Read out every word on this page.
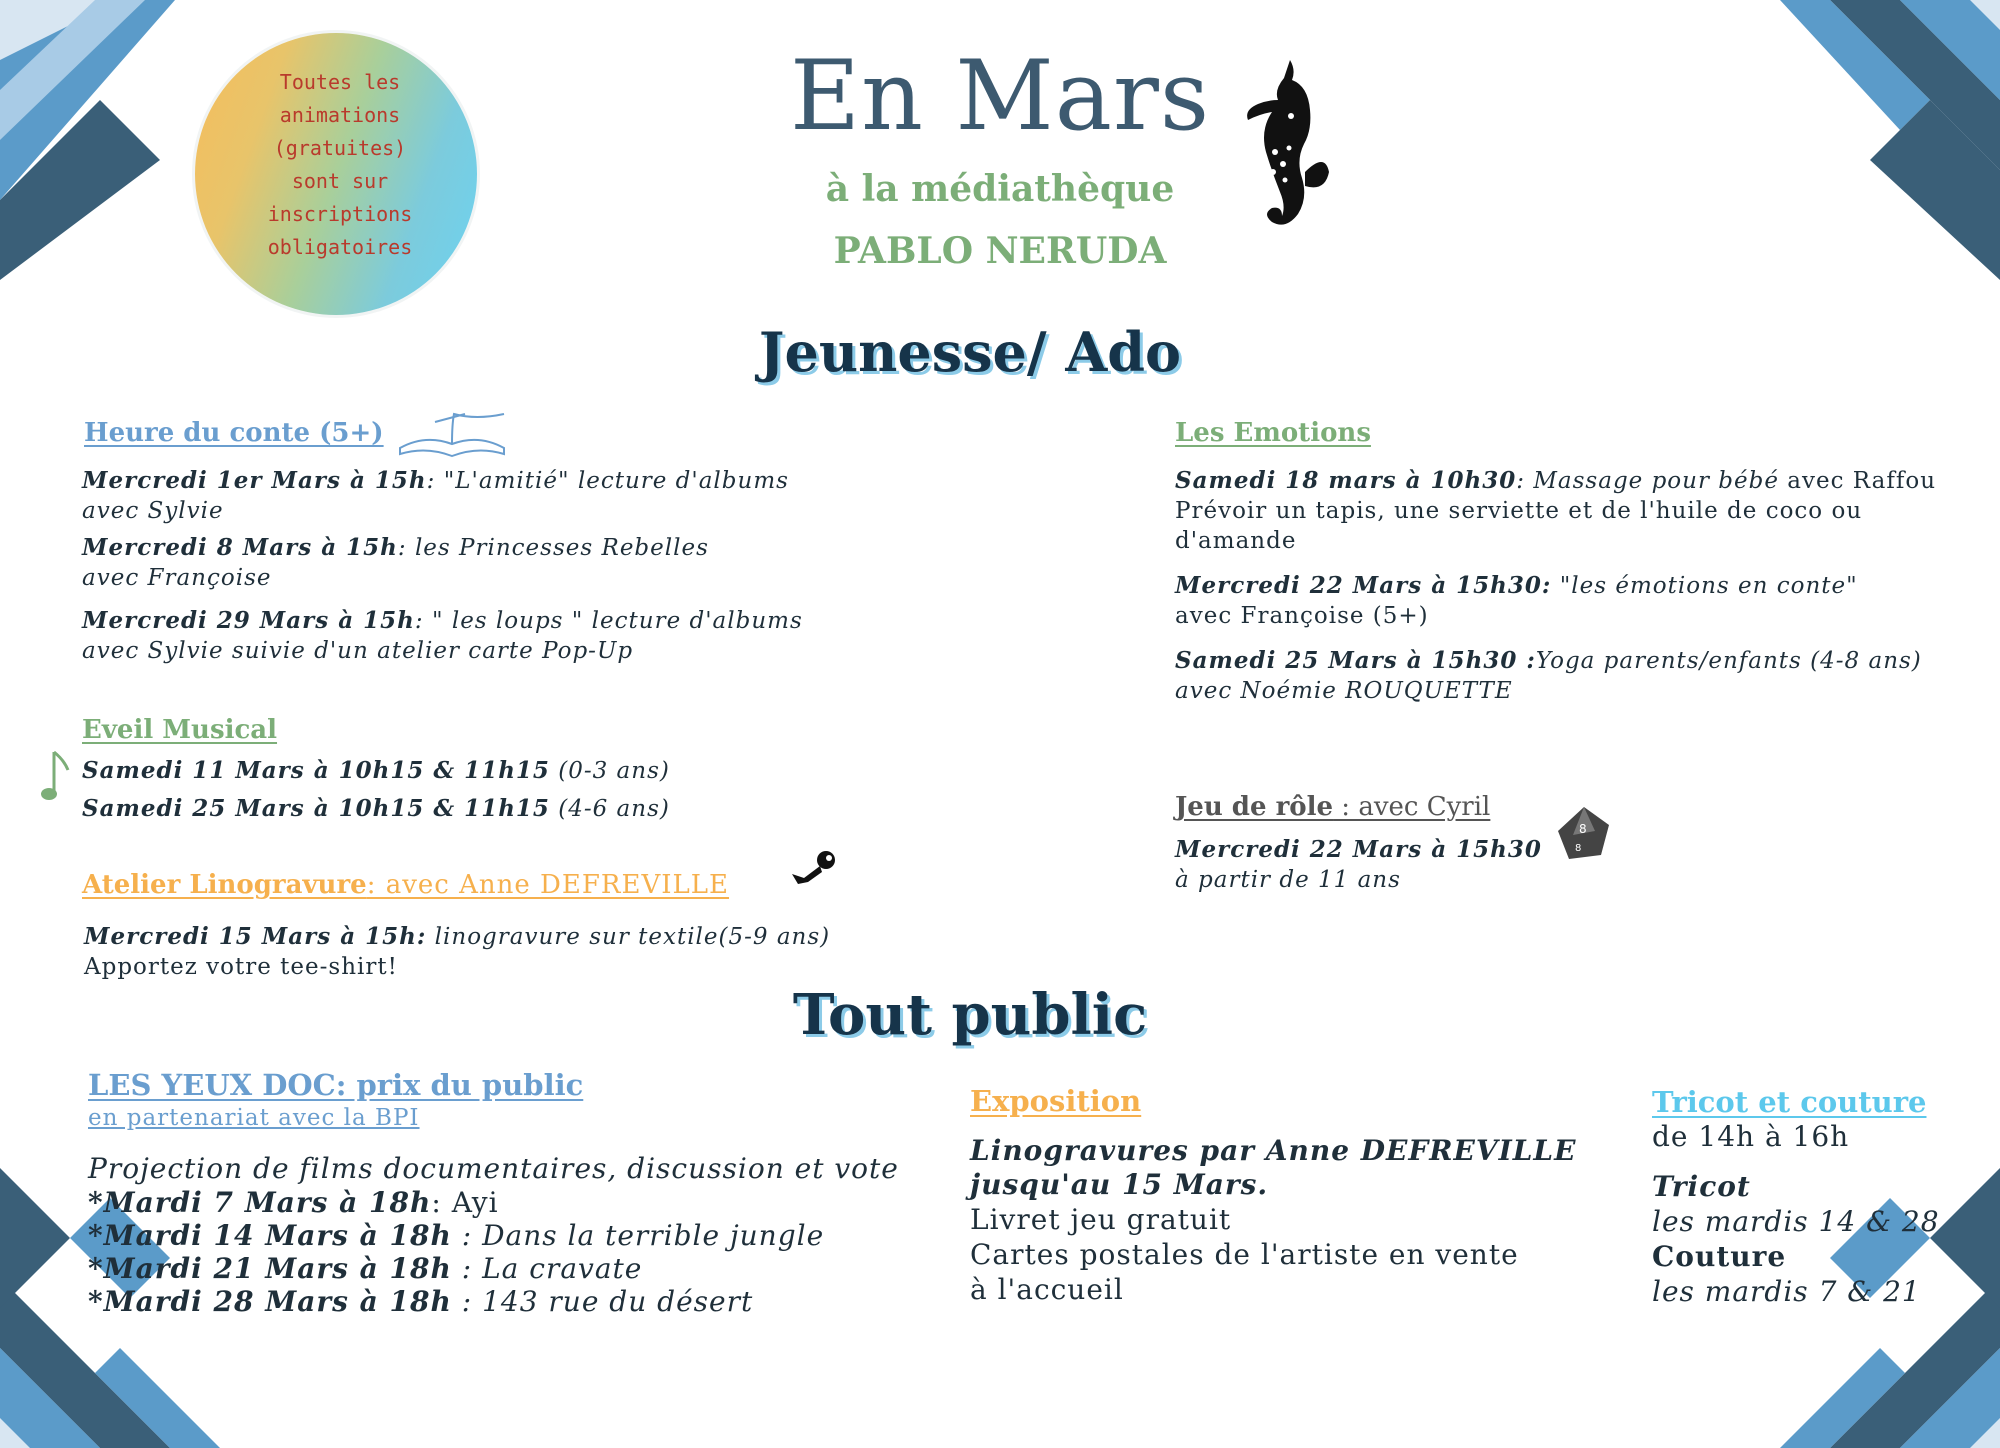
Toutes les
animations
(gratuites)
sont sur
inscriptions
obligatoires
En Mars
à la médiathèque
PABLO NERUDA
Jeunesse/ Ado
Heure du conte (5+)
Mercredi 1er Mars à 15h: "L'amitié" lecture d'albums
avec Sylvie
Mercredi 8 Mars à 15h: les Princesses Rebelles
avec Françoise
Mercredi 29 Mars à 15h: " les loups " lecture d'albums
avec Sylvie suivie d'un atelier carte Pop-Up
Eveil Musical
Samedi 11 Mars à 10h15 & 11h15 (0-3 ans)
Samedi 25 Mars à 10h15 & 11h15 (4-6 ans)
Atelier Linogravure: avec Anne DEFREVILLE
Mercredi 15 Mars à 15h: linogravure sur textile(5-9 ans)
Apportez votre tee-shirt!
Les Emotions
Samedi 18 mars à 10h30: Massage pour bébé avec Raffou
Prévoir un tapis, une serviette et de l'huile de coco ou
d'amande
Mercredi 22 Mars à 15h30: "les émotions en conte"
avec Françoise (5+)
Samedi 25 Mars à 15h30 :Yoga parents/enfants (4-8 ans)
avec Noémie ROUQUETTE
Jeu de rôle : avec Cyril
8
8
Mercredi 22 Mars à 15h30
à partir de 11 ans
Tout public
LES YEUX DOC: prix du public
en partenariat avec la BPI
Projection de films documentaires, discussion et vote
*Mardi 7 Mars à 18h: Ayi
*Mardi 14 Mars à 18h : Dans la terrible jungle
*Mardi 21 Mars à 18h : La cravate
*Mardi 28 Mars à 18h : 143 rue du désert
Exposition
Linogravures par Anne DEFREVILLE
jusqu'au 15 Mars.
Livret jeu gratuit
Cartes postales de l'artiste en vente
à l'accueil
Tricot et couture
de 14h à 16h
Tricot
les mardis 14 & 28
Couture
les mardis 7 & 21
